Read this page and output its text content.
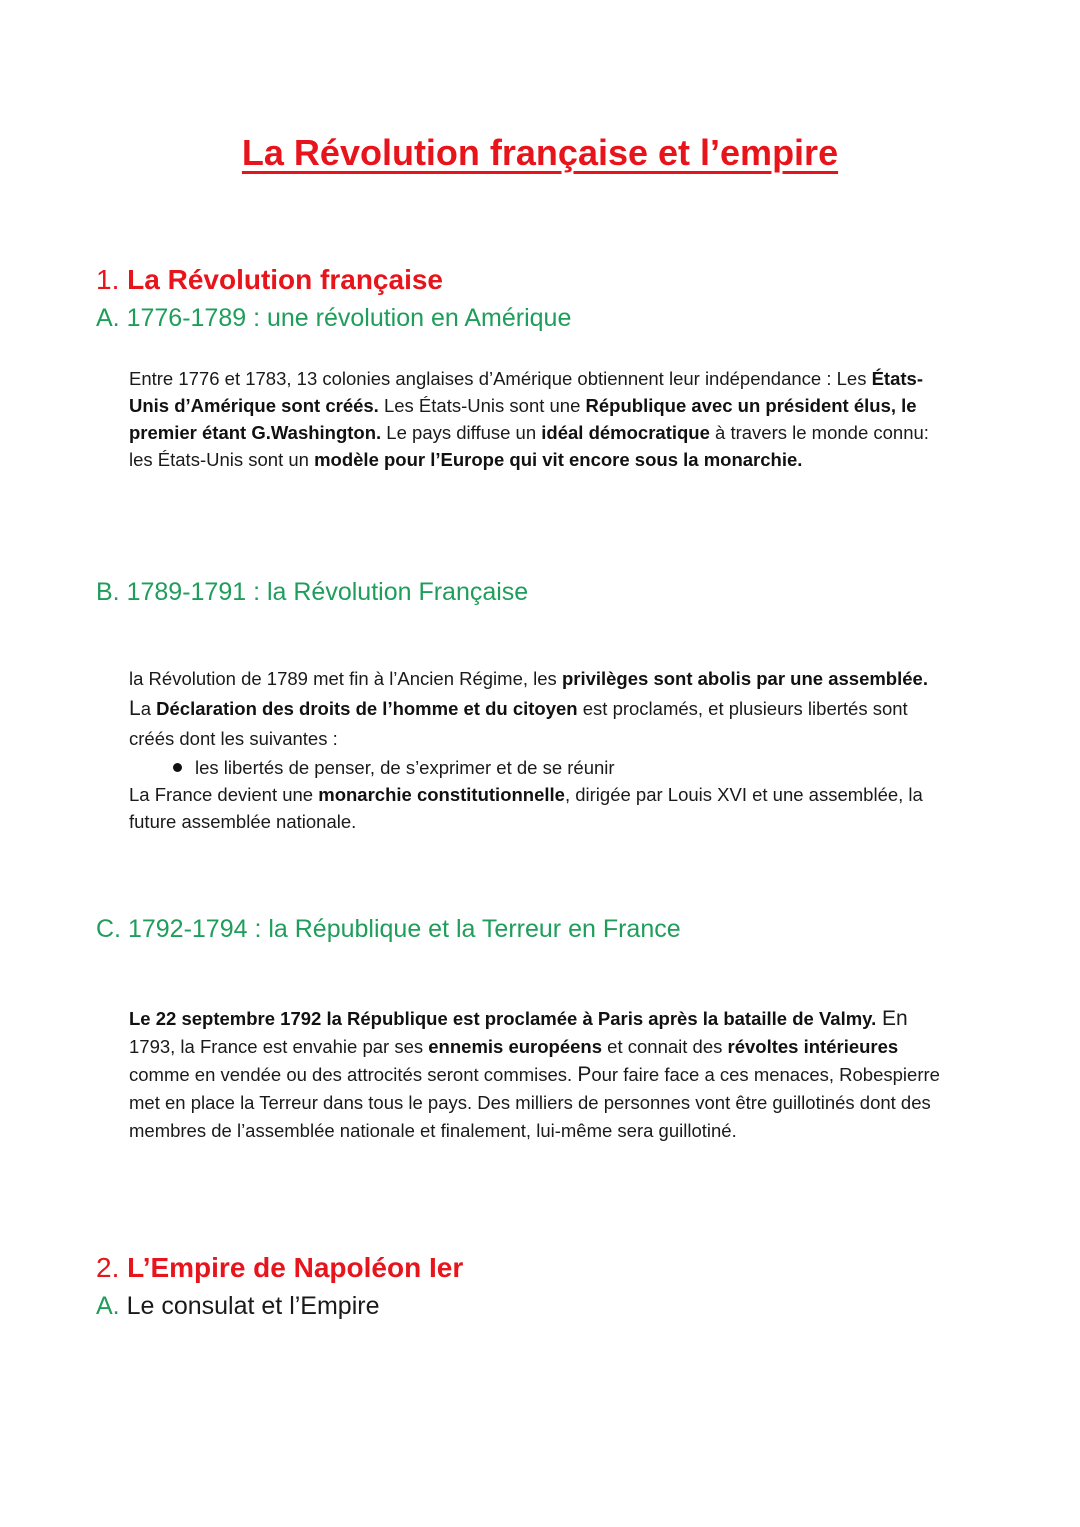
La Révolution française et l’empire
1. La Révolution française
A. 1776-1789 : une révolution en Amérique

Entre 1776 et 1783, 13 colonies anglaises d’Amérique obtiennent leur indépendance : Les États-Unis d’Amérique sont créés. Les États-Unis sont une République avec un président élus, le premier étant G.Washington. Le pays diffuse un idéal démocratique à travers le monde connu: les États-Unis sont un modèle pour l’Europe qui vit encore sous la monarchie.

B. 1789-1791 : la Révolution Française
la Révolution de 1789 met fin à l’Ancien Régime, les privilèges sont abolis par une assemblée. La Déclaration des droits de l’homme et du citoyen est proclamés, et plusieurs libertés sont créés dont les suivantes :
les libertés de penser, de s’exprimer et de se réunir
La France devient une monarchie constitutionnelle, dirigée par Louis XVI et une assemblée, la future assemblée nationale.
C. 1792-1794 : la République et la Terreur en France

Le 22 septembre 1792 la République est proclamée à Paris après la bataille de Valmy. En 1793, la France est envahie par ses ennemis européens et connait des révoltes intérieures comme en vendée ou des attrocités seront commises. Pour faire face a ces menaces, Robespierre met en place la Terreur dans tous le pays. Des milliers de personnes vont être guillotinés dont des membres de l’assemblée nationale et finalement, lui-même sera guillotiné.

2. L’Empire de Napoléon Ier
A. Le consulat et l’Empire
